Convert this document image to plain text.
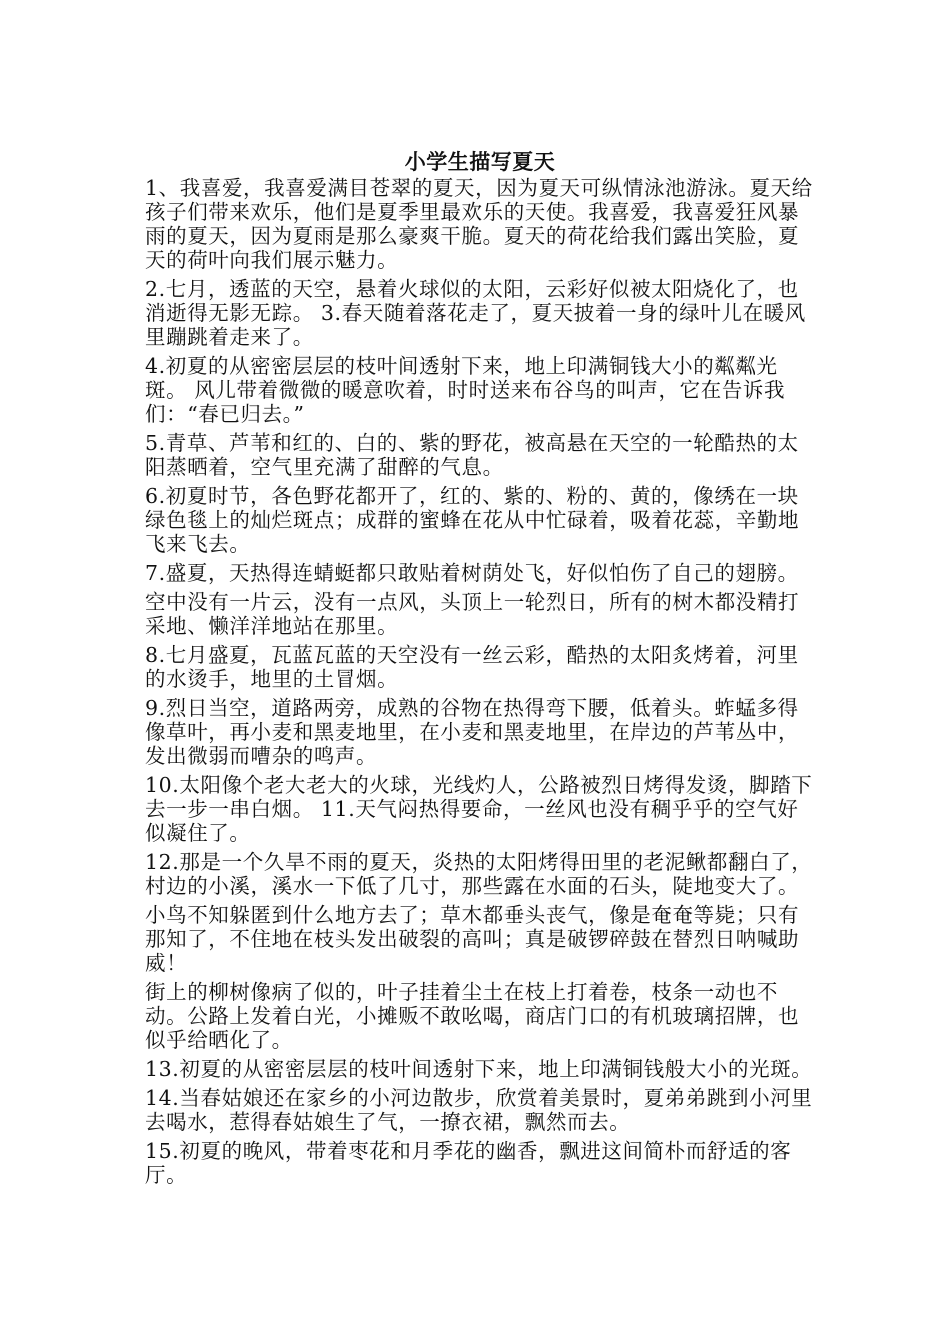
小学生描写夏天

1、我喜爱，我喜爱满目苍翠的夏天，因为夏天可纵情泳池游泳。夏天给孩子们带来欢乐，他们是夏季里最欢乐的天使。我喜爱，我喜爱狂风暴雨的夏天，因为夏雨是那么豪爽干脆。夏天的荷花给我们露出笑脸，夏天的荷叶向我们展示魅力。

2.七月，透蓝的天空，悬着火球似的太阳，云彩好似被太阳烧化了，也消逝得无影无踪。 3.春天随着落花走了，夏天披着一身的绿叶儿在暖风里蹦跳着走来了。

4.初夏的从密密层层的枝叶间透射下来，地上印满铜钱大小的粼粼光斑。 风儿带着微微的暖意吹着，时时送来布谷鸟的叫声，它在告诉我们：“春已归去。”

5.青草、芦苇和红的、白的、紫的野花，被高悬在天空的一轮酷热的太阳蒸晒着，空气里充满了甜醉的气息。

6.初夏时节，各色野花都开了，红的、紫的、粉的、黄的，像绣在一块绿色毯上的灿烂斑点；成群的蜜蜂在花从中忙碌着，吸着花蕊，辛勤地飞来飞去。

7.盛夏，天热得连蜻蜓都只敢贴着树荫处飞，好似怕伤了自己的翅膀。

空中没有一片云，没有一点风，头顶上一轮烈日，所有的树木都没精打采地、懒洋洋地站在那里。

8.七月盛夏，瓦蓝瓦蓝的天空没有一丝云彩，酷热的太阳炙烤着，河里的水烫手，地里的土冒烟。

9.烈日当空，道路两旁，成熟的谷物在热得弯下腰，低着头。蚱蜢多得像草叶，再小麦和黑麦地里，在小麦和黑麦地里，在岸边的芦苇丛中，发出微弱而嘈杂的鸣声。

10.太阳像个老大老大的火球，光线灼人，公路被烈日烤得发烫，脚踏下去一步一串白烟。 11.天气闷热得要命，一丝风也没有稠乎乎的空气好似凝住了。

12.那是一个久旱不雨的夏天，炎热的太阳烤得田里的老泥鳅都翻白了，村边的小溪，溪水一下低了几寸，那些露在水面的石头，陡地变大了。

小鸟不知躲匿到什么地方去了；草木都垂头丧气，像是奄奄等毙；只有那知了，不住地在枝头发出破裂的高叫；真是破锣碎鼓在替烈日呐喊助威！

街上的柳树像病了似的，叶子挂着尘土在枝上打着卷，枝条一动也不动。公路上发着白光，小摊贩不敢吆喝，商店门口的有机玻璃招牌，也似乎给晒化了。

13.初夏的从密密层层的枝叶间透射下来，地上印满铜钱般大小的光斑。

14.当春姑娘还在家乡的小河边散步，欣赏着美景时，夏弟弟跳到小河里去喝水，惹得春姑娘生了气，一撩衣裙，飘然而去。

15.初夏的晚风，带着枣花和月季花的幽香，飘进这间简朴而舒适的客厅。
